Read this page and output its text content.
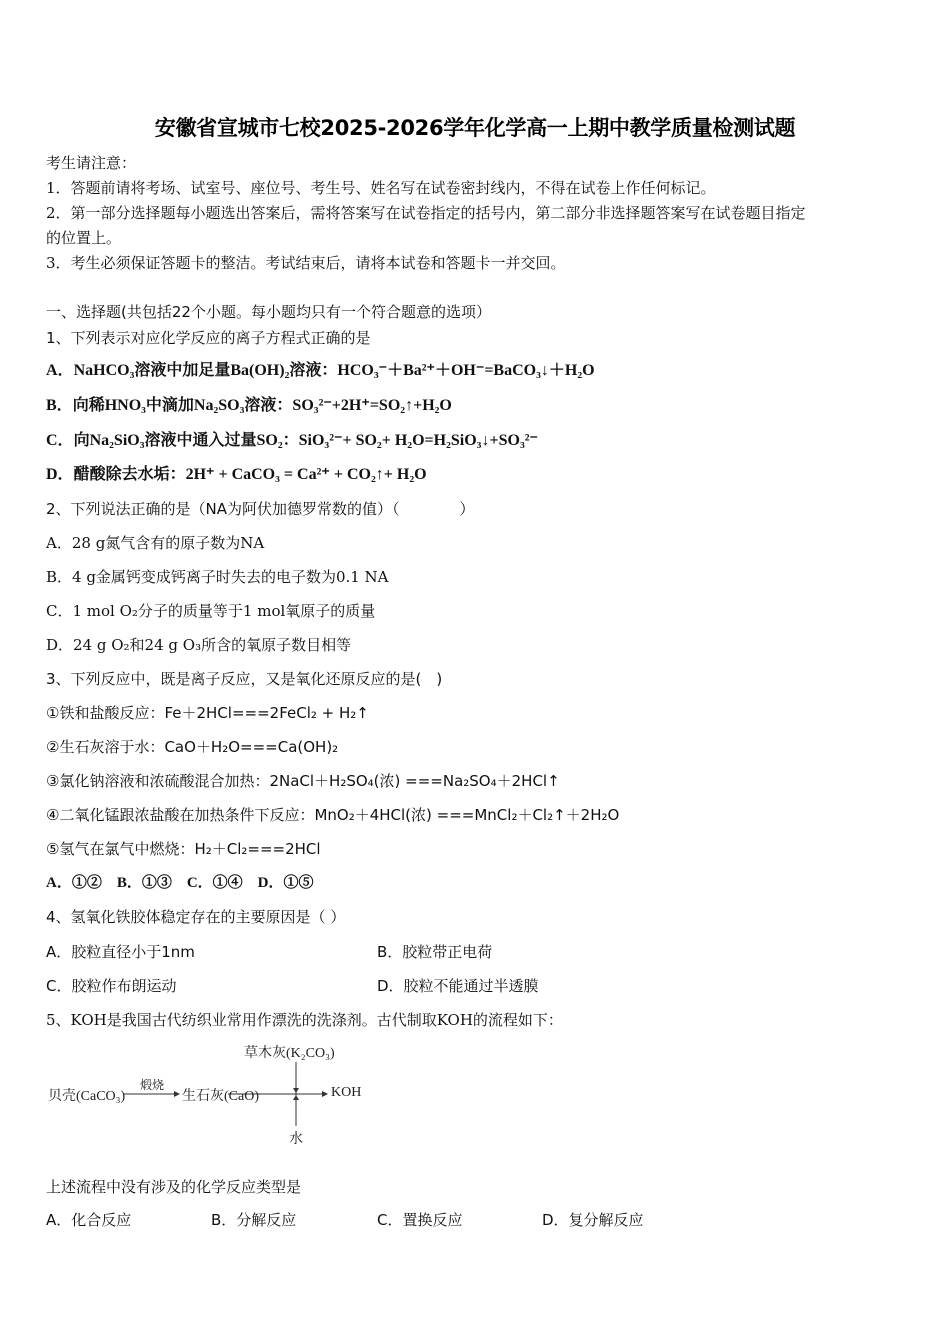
安徽省宣城市七校2025-2026学年化学高一上期中教学质量检测试题
考生请注意：
1．答题前请将考场、试室号、座位号、考生号、姓名写在试卷密封线内，不得在试卷上作任何标记。
2．第一部分选择题每小题选出答案后，需将答案写在试卷指定的括号内，第二部分非选择题答案写在试卷题目指定
的位置上。
3．考生必须保证答题卡的整洁。考试结束后，请将本试卷和答题卡一并交回。
一、选择题(共包括22个小题。每小题均只有一个符合题意的选项）
1、下列表示对应化学反应的离子方程式正确的是
A．NaHCO₃溶液中加足量Ba(OH)₂溶液：HCO₃⁻＋Ba²⁺＋OH⁻=BaCO₃↓＋H₂O
B．向稀HNO₃中滴加Na₂SO₃溶液：SO₃²⁻+2H⁺=SO₂↑+H₂O
C．向Na₂SiO₃溶液中通入过量SO₂：SiO₃²⁻+ SO₂+ H₂O=H₂SiO₃↓+SO₃²⁻
D．醋酸除去水垢：2H⁺ + CaCO₃ = Ca²⁺ + CO₂↑+ H₂O
2、下列说法正确的是（NA为阿伏加德罗常数的值）（　　　　）
A．28 g氮气含有的原子数为NA
B．4 g金属钙变成钙离子时失去的电子数为0.1 NA
C．1 mol O₂分子的质量等于1 mol氧原子的质量
D．24 g O₂和24 g O₃所含的氧原子数目相等
3、下列反应中，既是离子反应，又是氧化还原反应的是(　)
①铁和盐酸反应：Fe＋2HCl===2FeCl₂ + H₂↑
②生石灰溶于水：CaO＋H₂O===Ca(OH)₂
③氯化钠溶液和浓硫酸混合加热：2NaCl＋H₂SO₄(浓) ===Na₂SO₄＋2HCl↑
④二氧化锰跟浓盐酸在加热条件下反应：MnO₂＋4HCl(浓) ===MnCl₂＋Cl₂↑＋2H₂O
⑤氢气在氯气中燃烧：H₂＋Cl₂===2HCl
A．①②　B．①③　C．①④　D．①⑤
4、氢氧化铁胶体稳定存在的主要原因是（ ）
A．胶粒直径小于1nm	B．胶粒带正电荷
C．胶粒作布朗运动	D．胶粒不能通过半透膜
5、KOH是我国古代纺织业常用作漂洗的洗涤剂。古代制取KOH的流程如下：
贝壳(CaCO₃)
煅烧
生石灰(CaO)
草木灰(K₂CO₃)
水
KOH
上述流程中没有涉及的化学反应类型是
A．化合反应	B．分解反应	C．置换反应	D．复分解反应
